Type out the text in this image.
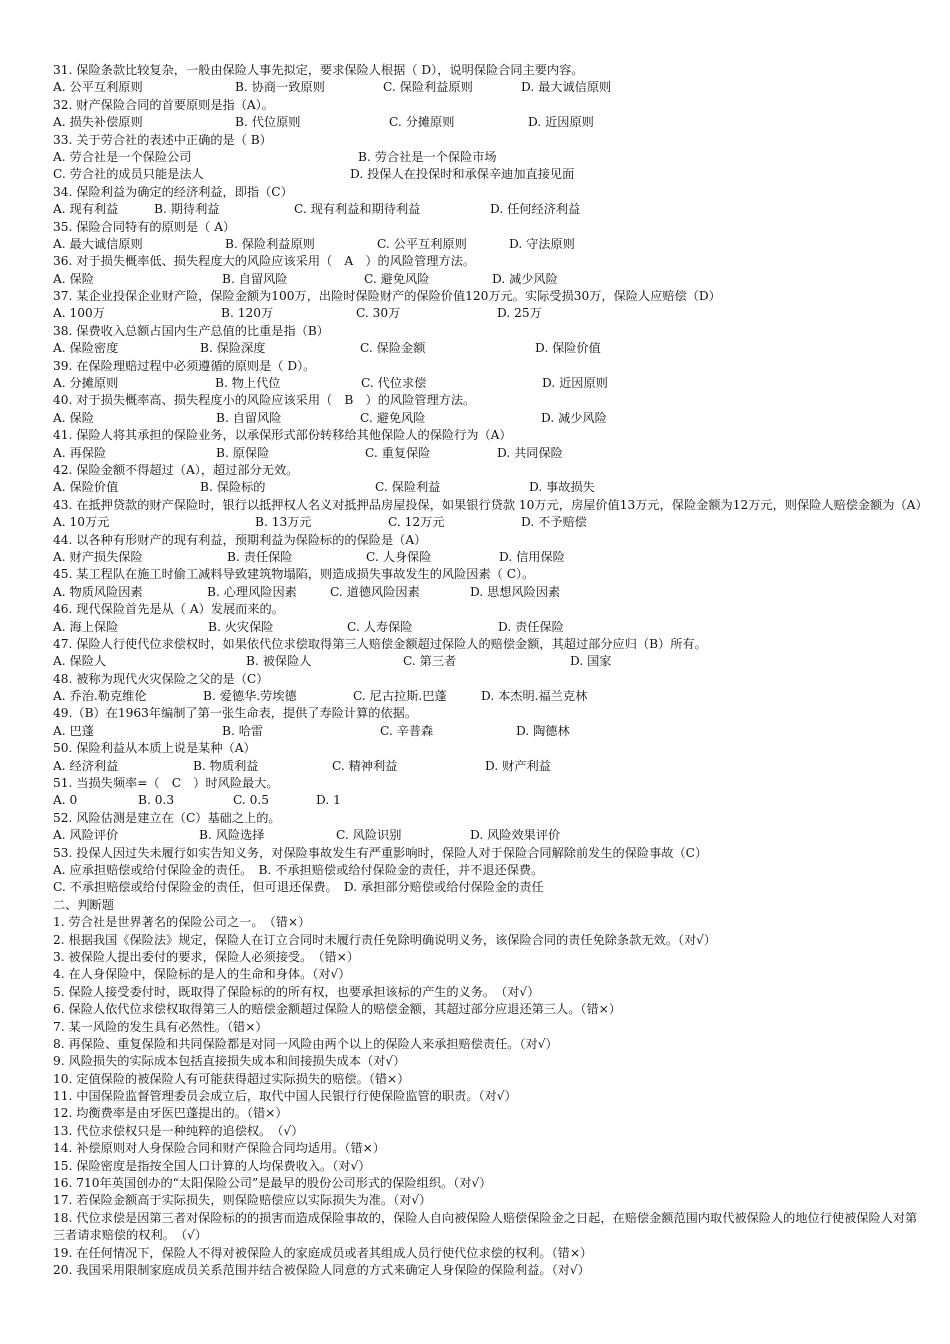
31. 保险条款比较复杂，一般由保险人事先拟定，要求保险人根据（ D），说明保险合同主要内容。
A. 公平互利原则	B. 协商一致原则	C. 保险利益原则	D. 最大诚信原则
32. 财产保险合同的首要原则是指（A）。
A. 损失补偿原则	B. 代位原则	C. 分摊原则	D. 近因原则
33. 关于劳合社的表述中正确的是（ B）
A. 劳合社是一个保险公司	B. 劳合社是一个保险市场
C. 劳合社的成员只能是法人	D. 投保人在投保时和承保辛迪加直接见面
34. 保险利益为确定的经济利益，即指（C）
A. 现有利益	B. 期待利益	C. 现有利益和期待利益	D. 任何经济利益
35. 保险合同特有的原则是（ A）
A. 最大诚信原则	B. 保险利益原则	C. 公平互利原则	D. 守法原则
36. 对于损失概率低、损失程度大的风险应该采用（　A　）的风险管理方法。
A. 保险	B. 自留风险	C. 避免风险	D. 减少风险
37. 某企业投保企业财产险，保险金额为100万，出险时保险财产的保险价值120万元。实际受损30万，保险人应赔偿（D）
A. 100万	B. 120万	C. 30万	D. 25万
38. 保费收入总额占国内生产总值的比重是指（B）
A. 保险密度	B. 保险深度	C. 保险金额	D. 保险价值
39. 在保险理赔过程中必须遵循的原则是（ D）。
A. 分摊原则	B. 物上代位	C. 代位求偿	D. 近因原则
40. 对于损失概率高、损失程度小的风险应该采用（　B　）的风险管理方法。
A. 保险	B. 自留风险	C. 避免风险	D. 减少风险
41. 保险人将其承担的保险业务，以承保形式部份转移给其他保险人的保险行为（A）
A. 再保险	B. 原保险	C. 重复保险	D. 共同保险
42. 保险金额不得超过（A），超过部分无效。
A. 保险价值	B. 保险标的	C. 保险利益	D. 事故损失
43. 在抵押贷款的财产保险时，银行以抵押权人名义对抵押品房屋投保，如果银行贷款 10万元，房屋价值13万元，保险金额为12万元，则保险人赔偿金额为（A）
A. 10万元	B. 13万元	C. 12万元	D. 不予赔偿
44. 以各种有形财产的现有利益，预期利益为保险标的的保险是（A）
A. 财产损失保险	B. 责任保险	C. 人身保险	D. 信用保险
45. 某工程队在施工时偷工减料导致建筑物塌陷，则造成损失事故发生的风险因素（ C）。
A. 物质风险因素	B. 心理风险因素	C. 道德风险因素	D. 思想风险因素
46. 现代保险首先是从（ A）发展而来的。
A. 海上保险	B. 火灾保险	C. 人寿保险	D. 责任保险
47. 保险人行使代位求偿权时，如果依代位求偿取得第三人赔偿金额超过保险人的赔偿金额，其超过部分应归（B）所有。
A. 保险人	B. 被保险人	C. 第三者	D. 国家
48. 被称为现代火灾保险之父的是（C）
A. 乔治.勒克维伦	B. 爱德华.劳埃德	C. 尼古拉斯.巴蓬	D. 本杰明.福兰克林
49.（B）在1963年编制了第一张生命表，提供了寿险计算的依据。
A. 巴蓬	B. 哈雷	C. 辛普森	D. 陶德林
50. 保险利益从本质上说是某种（A）
A. 经济利益	B. 物质利益	C. 精神利益	D. 财产利益
51. 当损失频率=（　C　）时风险最大。
A. 0	B. 0.3	C. 0.5	D. 1
52. 风险估测是建立在（C）基础之上的。
A. 风险评价	B. 风险选择	C. 风险识别	D. 风险效果评价
53. 投保人因过失未履行如实告知义务，对保险事故发生有严重影响时，保险人对于保险合同解除前发生的保险事故（C）
A. 应承担赔偿或给付保险金的责任。　B. 不承担赔偿或给付保险金的责任，并不退还保费。
C. 不承担赔偿或给付保险金的责任，但可退还保费。　D. 承担部分赔偿或给付保险金的责任
二、判断题
1. 劳合社是世界著名的保险公司之一。　（错×）
2. 根据我国《保险法》规定，保险人在订立合同时未履行责任免除明确说明义务，该保险合同的责任免除条款无效。（对√）
3. 被保险人提出委付的要求，保险人必须接受。　（错×）
4. 在人身保险中，保险标的是人的生命和身体。（对√）
5. 保险人接受委付时，既取得了保险标的的所有权，也要承担该标的产生的义务。　（对√）
6. 保险人依代位求偿权取得第三人的赔偿金额超过保险人的赔偿金额，其超过部分应退还第三人。（错×）
7. 某一风险的发生具有必然性。（错×）
8. 再保险、重复保险和共同保险都是对同一风险由两个以上的保险人来承担赔偿责任。（对√）
9. 风险损失的实际成本包括直接损失成本和间接损失成本（对√）
10. 定值保险的被保险人有可能获得超过实际损失的赔偿。（错×）
11. 中国保险监督管理委员会成立后，取代中国人民银行行使保险监管的职责。（对√）
12. 均衡费率是由牙医巴蓬提出的。（错×）
13. 代位求偿权只是一种纯粹的追偿权。　（√）
14. 补偿原则对人身保险合同和财产保险合同均适用。（错×）
15. 保险密度是指按全国人口计算的人均保费收入。（对√）
16. 710年英国创办的“太阳保险公司”是最早的股份公司形式的保险组织。（对√）
17. 若保险金额高于实际损失，则保险赔偿应以实际损失为准。（对√）
18. 代位求偿是因第三者对保险标的的损害而造成保险事故的，保险人自向被保险人赔偿保险金之日起，在赔偿金额范围内取代被保险人的地位行使被保险人对第三者请求赔偿的权利。　（√）
19. 在任何情况下，保险人不得对被保险人的家庭成员或者其组成人员行使代位求偿的权利。（错×）
20. 我国采用限制家庭成员关系范围并结合被保险人同意的方式来确定人身保险的保险利益。（对√）
